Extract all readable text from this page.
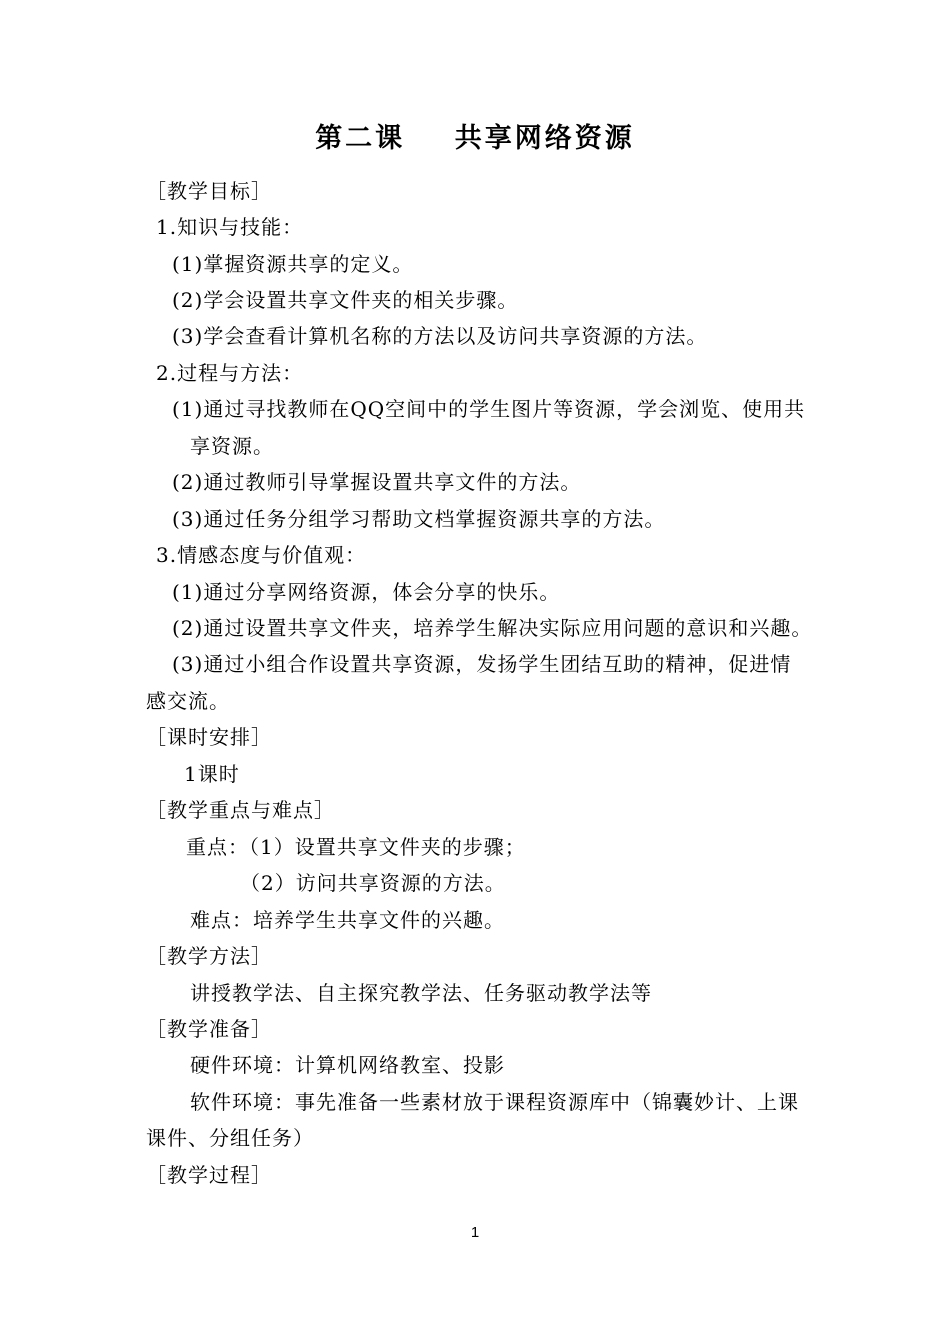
第二课    共享网络资源
［教学目标］
1.知识与技能：
(1)掌握资源共享的定义。
(2)学会设置共享文件夹的相关步骤。
(3)学会查看计算机名称的方法以及访问共享资源的方法。
2.过程与方法：
(1)通过寻找教师在QQ空间中的学生图片等资源，学会浏览、使用共
享资源。
(2)通过教师引导掌握设置共享文件的方法。
(3)通过任务分组学习帮助文档掌握资源共享的方法。
3.情感态度与价值观：
(1)通过分享网络资源，体会分享的快乐。
(2)通过设置共享文件夹，培养学生解决实际应用问题的意识和兴趣。
(3)通过小组合作设置共享资源，发扬学生团结互助的精神，促进情
感交流。
［课时安排］
1课时
［教学重点与难点］
重点：（1）设置共享文件夹的步骤；
（2）访问共享资源的方法。
难点：培养学生共享文件的兴趣。
［教学方法］
讲授教学法、自主探究教学法、任务驱动教学法等
［教学准备］
硬件环境：计算机网络教室、投影
软件环境：事先准备一些素材放于课程资源库中（锦囊妙计、上课
课件、分组任务）
［教学过程］
1
